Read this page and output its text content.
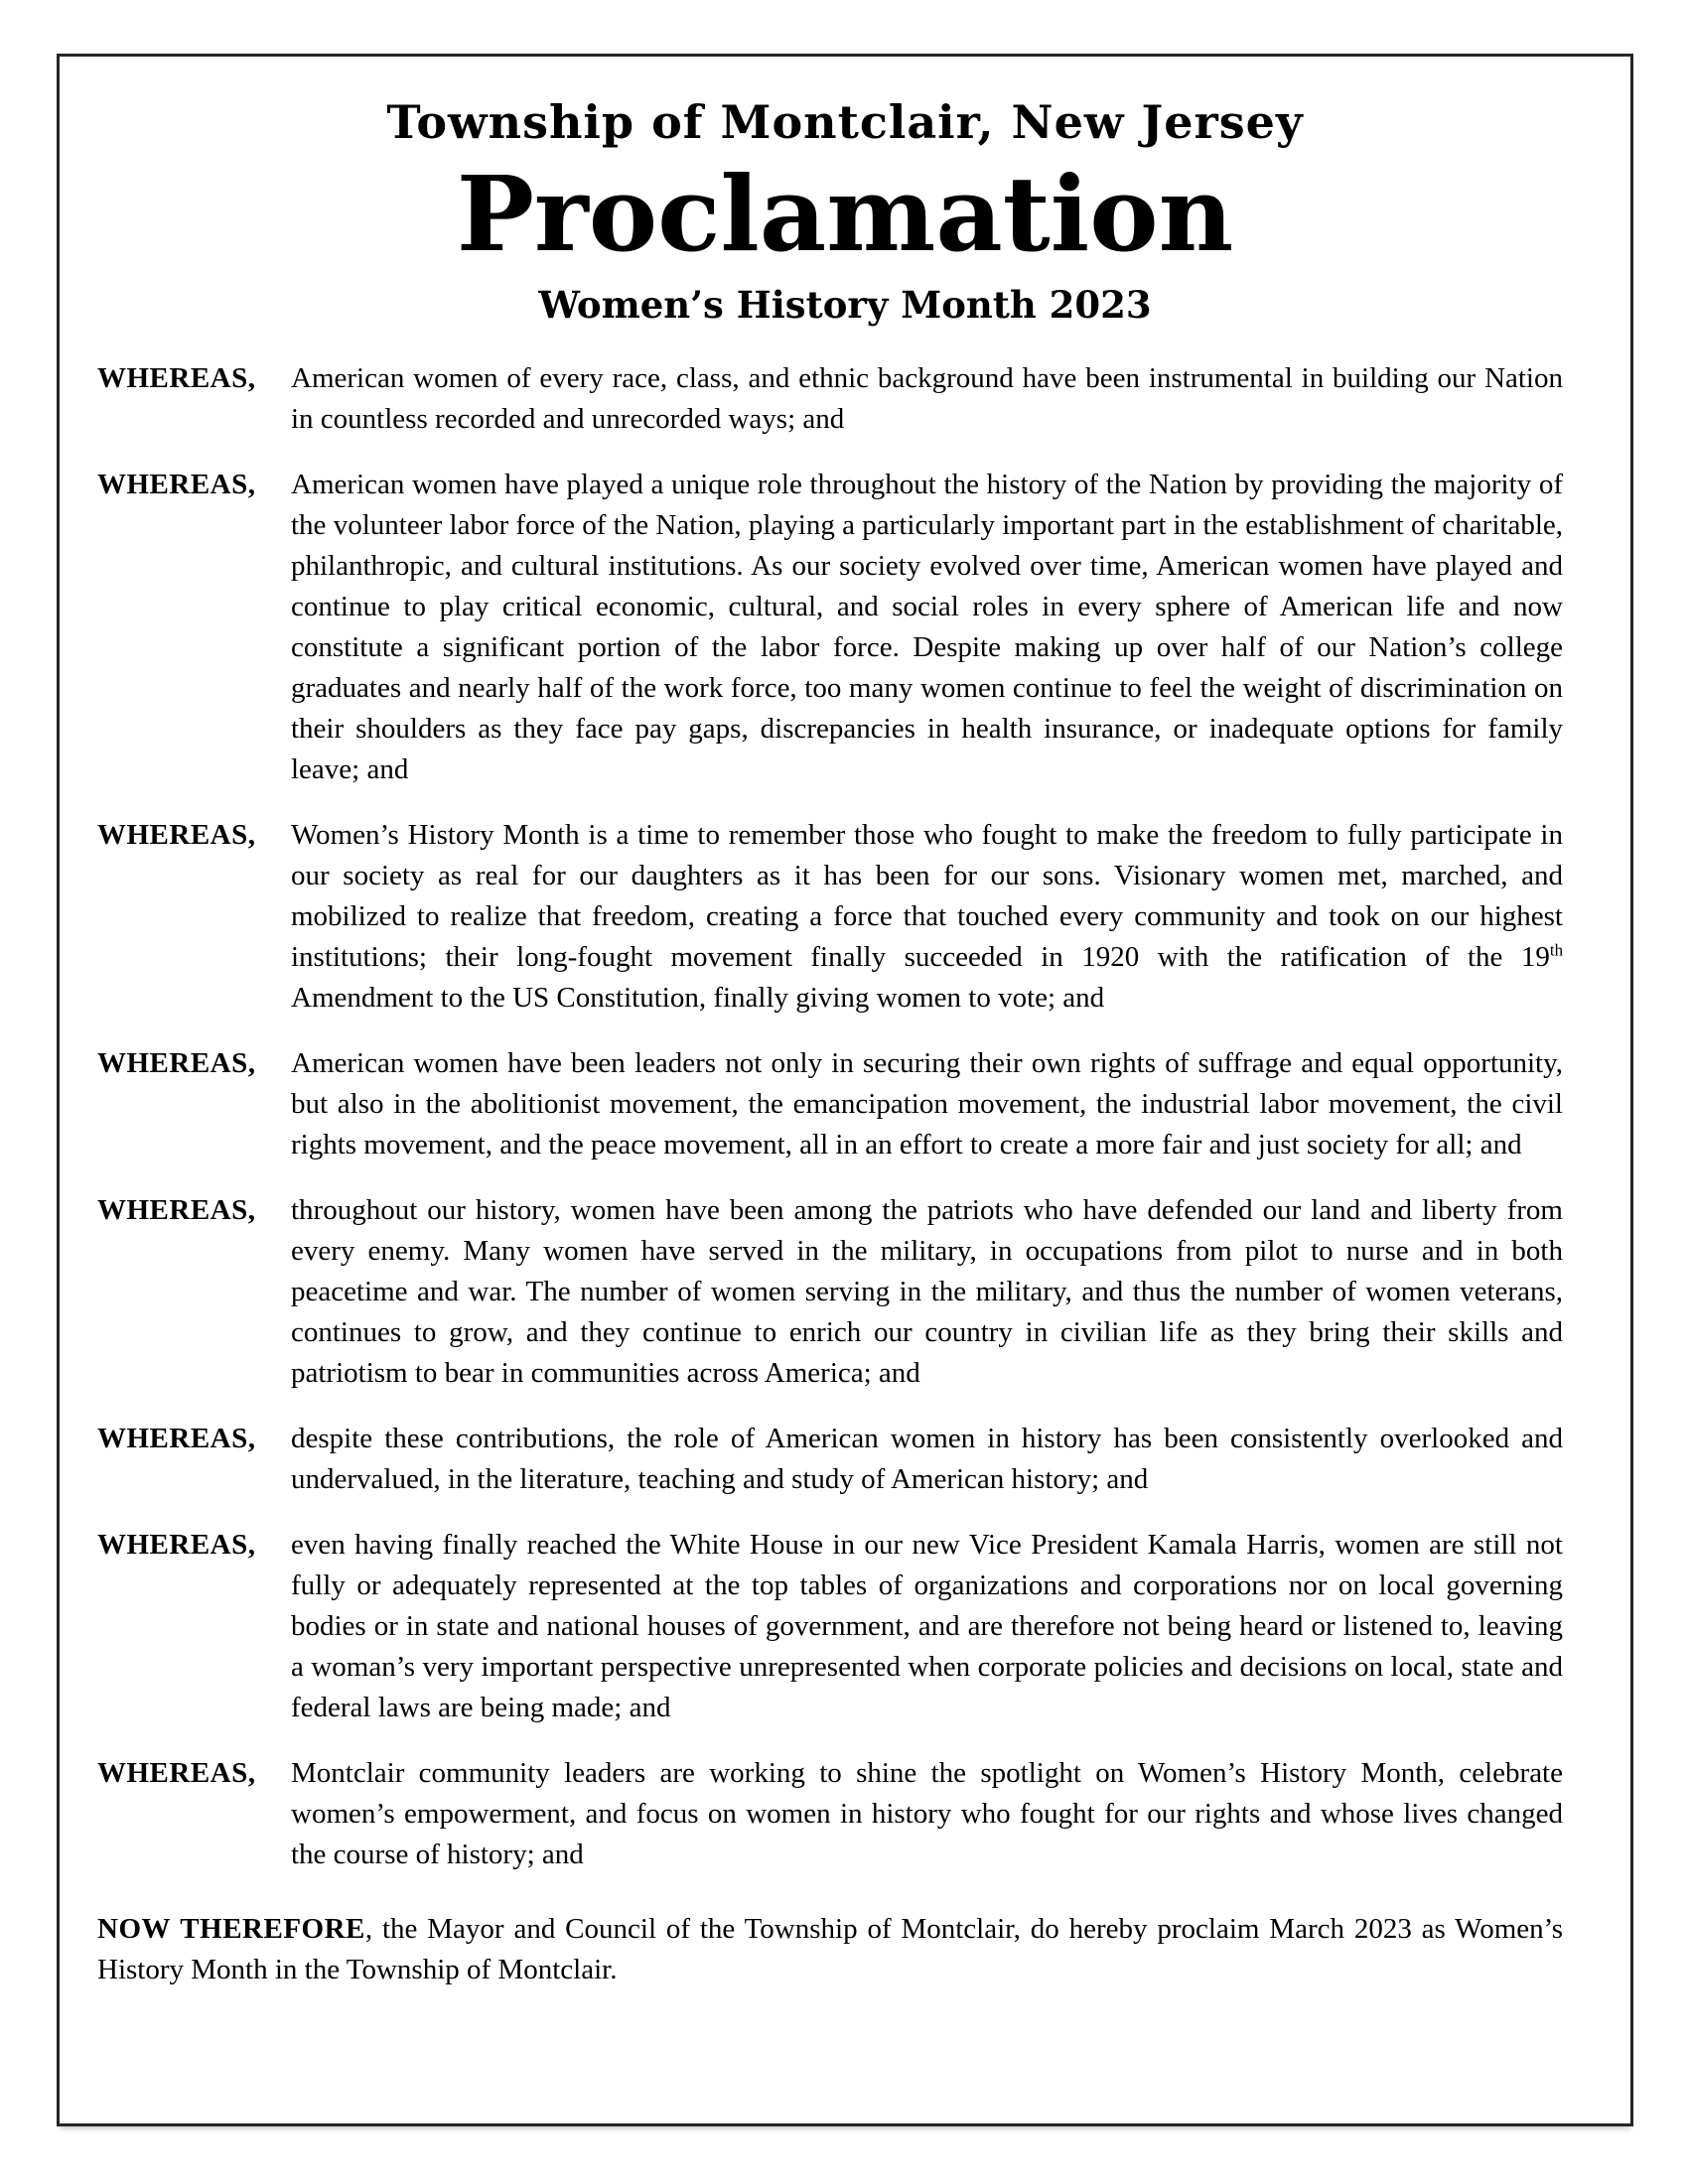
Township of Montclair, New Jersey
Proclamation
Women’s History Month 2023
WHEREAS,	American women of every race, class, and ethnic background have been instrumental in building our Nation in countless recorded and unrecorded ways; and
WHEREAS,	American women have played a unique role throughout the history of the Nation by providing the majority of the volunteer labor force of the Nation, playing a particularly important part in the establishment of charitable, philanthropic, and cultural institutions. As our society evolved over time, American women have played and continue to play critical economic, cultural, and social roles in every sphere of American life and now constitute a significant portion of the labor force. Despite making up over half of our Nation’s college graduates and nearly half of the work force, too many women continue to feel the weight of discrimination on their shoulders as they face pay gaps, discrepancies in health insurance, or inadequate options for family leave; and
WHEREAS,	Women’s History Month is a time to remember those who fought to make the freedom to fully participate in our society as real for our daughters as it has been for our sons. Visionary women met, marched, and mobilized to realize that freedom, creating a force that touched every community and took on our highest institutions; their long-fought movement finally succeeded in 1920 with the ratification of the 19th Amendment to the US Constitution, finally giving women to vote; and
WHEREAS,	American women have been leaders not only in securing their own rights of suffrage and equal opportunity, but also in the abolitionist movement, the emancipation movement, the industrial labor movement, the civil rights movement, and the peace movement, all in an effort to create a more fair and just society for all; and
WHEREAS,	throughout our history, women have been among the patriots who have defended our land and liberty from every enemy. Many women have served in the military, in occupations from pilot to nurse and in both peacetime and war. The number of women serving in the military, and thus the number of women veterans, continues to grow, and they continue to enrich our country in civilian life as they bring their skills and patriotism to bear in communities across America; and
WHEREAS,	despite these contributions, the role of American women in history has been consistently overlooked and undervalued, in the literature, teaching and study of American history; and
WHEREAS,	even having finally reached the White House in our new Vice President Kamala Harris, women are still not fully or adequately represented at the top tables of organizations and corporations nor on local governing bodies or in state and national houses of government, and are therefore not being heard or listened to, leaving a woman’s very important perspective unrepresented when corporate policies and decisions on local, state and federal laws are being made; and
WHEREAS,	Montclair community leaders are working to shine the spotlight on Women’s History Month, celebrate women’s empowerment, and focus on women in history who fought for our rights and whose lives changed the course of history; and
NOW THEREFORE, the Mayor and Council of the Township of Montclair, do hereby proclaim March 2023 as Women’s History Month in the Township of Montclair.
